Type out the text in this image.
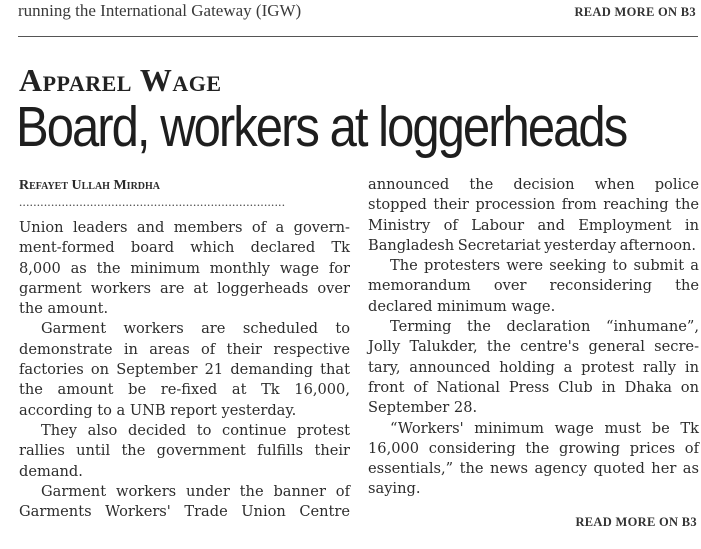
running the International Gateway (IGW)	READ MORE ON B3
Apparel Wage
Board, workers at loggerheads
Refayet Ullah Mirdha
...........................................................................
Union leaders and members of a govern-
ment-formed board which declared Tk
8,000 as the minimum monthly wage for
garment workers are at loggerheads over
the amount.
Garment workers are scheduled to
demonstrate in areas of their respective
factories on September 21 demanding that
the amount be re-fixed at Tk 16,000,
according to a UNB report yesterday.
They also decided to continue protest
rallies until the government fulfills their
demand.
Garment workers under the banner of
Garments Workers' Trade Union Centre
announced the decision when police
stopped their procession from reaching the
Ministry of Labour and Employment in
Bangladesh Secretariat yesterday afternoon.
The protesters were seeking to submit a
memorandum over reconsidering the
declared minimum wage.
Terming the declaration “inhumane”,
Jolly Talukder, the centre's general secre-
tary, announced holding a protest rally in
front of National Press Club in Dhaka on
September 28.
“Workers' minimum wage must be Tk
16,000 considering the growing prices of
essentials,” the news agency quoted her as
saying.
READ MORE ON B3
